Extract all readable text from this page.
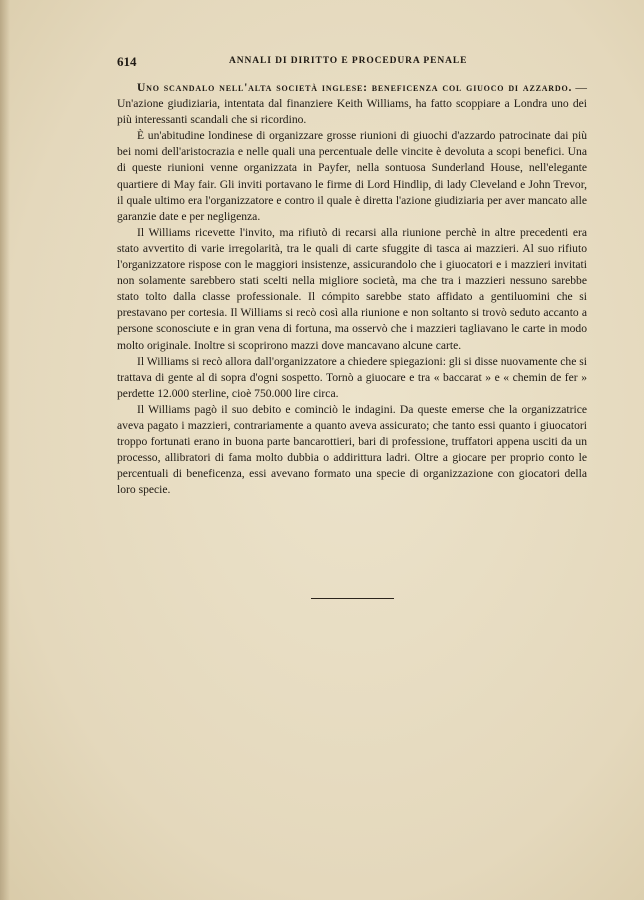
614	ANNALI DI DIRITTO E PROCEDURA PENALE

Uno scandalo nell'alta società inglese: beneficenza col giuoco di azzardo. — Un'azione giudiziaria, intentata dal finanziere Keith Williams, ha fatto scoppiare a Londra uno dei più interessanti scandali che si ricordino.

È un'abitudine londinese di organizzare grosse riunioni di giuochi d'azzardo patrocinate dai più bei nomi dell'aristocrazia e nelle quali una percentuale delle vincite è devoluta a scopi benefici. Una di queste riunioni venne organizzata in Payfer, nella sontuosa Sunderland House, nell'elegante quartiere di May fair. Gli inviti portavano le firme di Lord Hindlip, di lady Cleveland e John Trevor, il quale ultimo era l'organizzatore e contro il quale è diretta l'azione giudiziaria per aver mancato alle garanzie date e per negligenza.

Il Williams ricevette l'invito, ma rifiutò di recarsi alla riunione perchè in altre precedenti era stato avvertito di varie irregolarità, tra le quali di carte sfuggite di tasca ai mazzieri. Al suo rifiuto l'organizzatore rispose con le maggiori insistenze, assicurandolo che i giuocatori e i mazzieri invitati non solamente sarebbero stati scelti nella migliore società, ma che tra i mazzieri nessuno sarebbe stato tolto dalla classe professionale. Il cómpito sarebbe stato affidato a gentiluomini che si prestavano per cortesia. Il Williams si recò così alla riunione e non soltanto si trovò seduto accanto a persone sconosciute e in gran vena di fortuna, ma osservò che i mazzieri tagliavano le carte in modo molto originale. Inoltre si scoprirono mazzi dove mancavano alcune carte.

Il Williams si recò allora dall'organizzatore a chiedere spiegazioni: gli si disse nuovamente che si trattava di gente al di sopra d'ogni sospetto. Tornò a giuocare e tra « baccarat » e « chemin de fer » perdette 12.000 sterline, cioè 750.000 lire circa.

Il Williams pagò il suo debito e cominciò le indagini. Da queste emerse che la organizzatrice aveva pagato i mazzieri, contrariamente a quanto aveva assicurato; che tanto essi quanto i giuocatori troppo fortunati erano in buona parte bancarottieri, bari di professione, truffatori appena usciti da un processo, allibratori di fama molto dubbia o addirittura ladri. Oltre a giocare per proprio conto le percentuali di beneficenza, essi avevano formato una specie di organizzazione con giocatori della loro specie.
